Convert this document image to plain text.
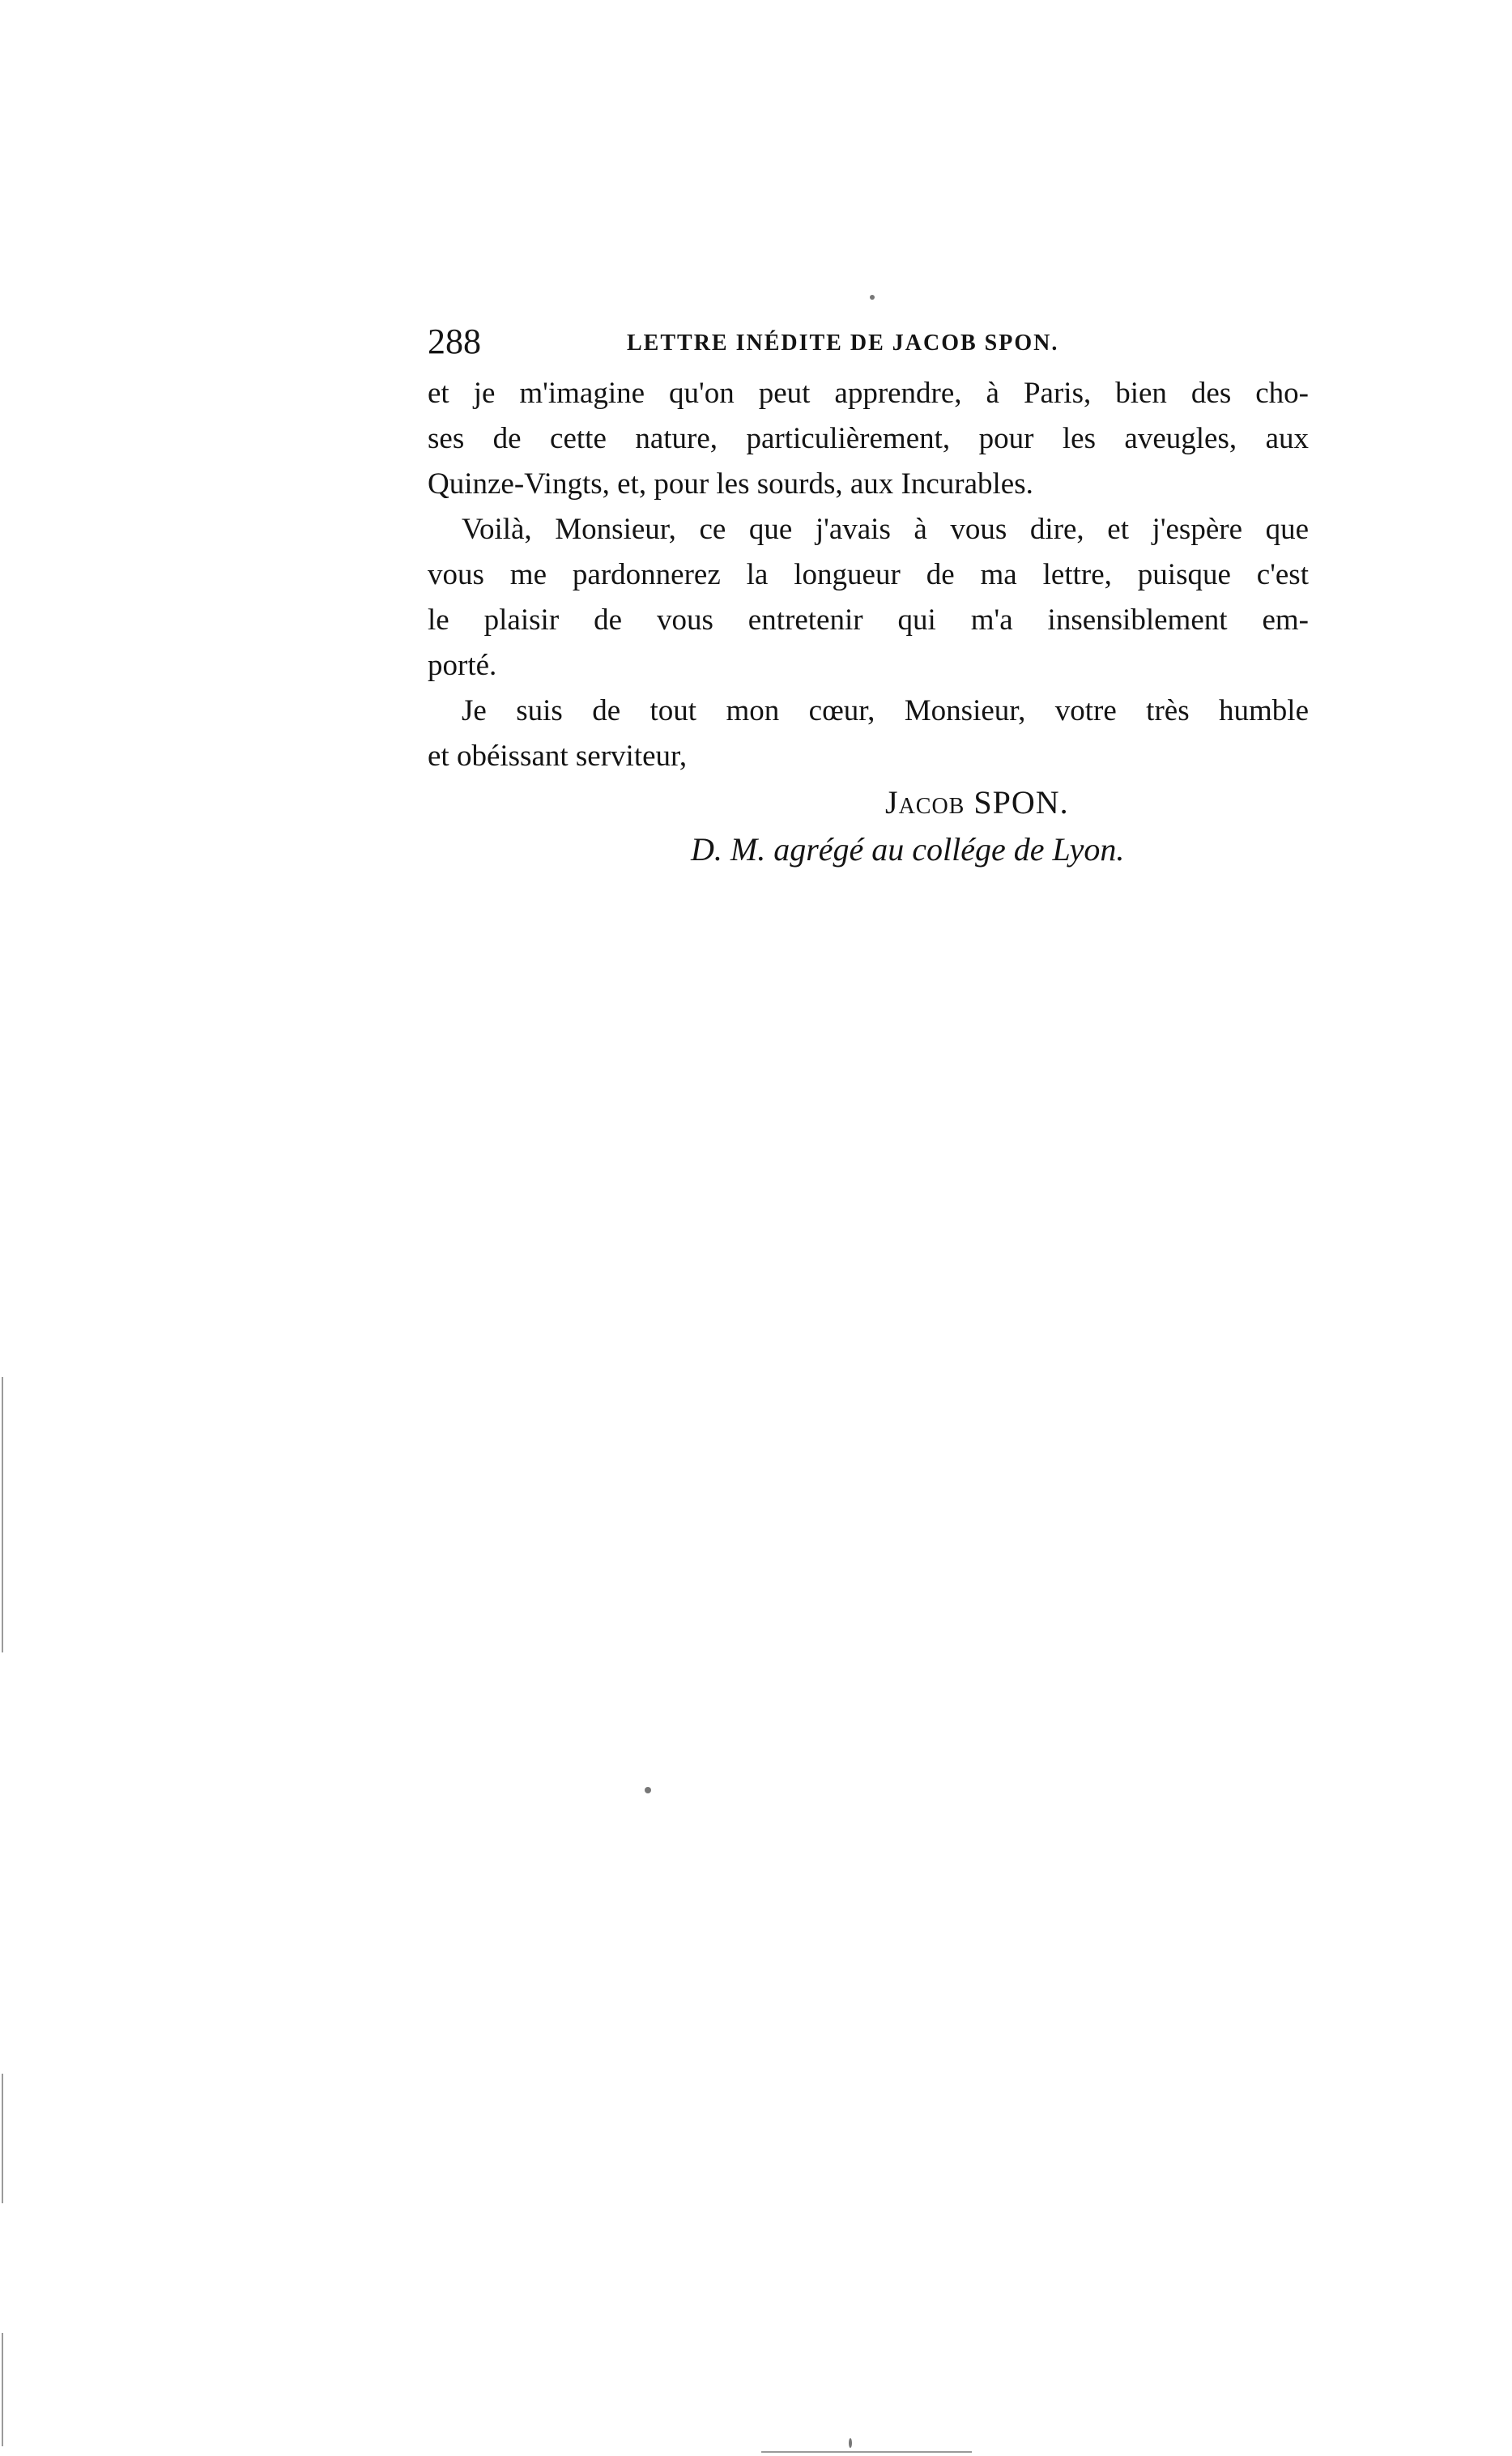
288	LETTRE INÉDITE DE JACOB SPON.
et je m'imagine qu'on peut apprendre, à Paris, bien des cho-
ses de cette nature, particulièrement, pour les aveugles, aux
Quinze-Vingts, et, pour les sourds, aux Incurables.
Voilà, Monsieur, ce que j'avais à vous dire, et j'espère que
vous me pardonnerez la longueur de ma lettre, puisque c'est
le plaisir de vous entretenir qui m'a insensiblement em-
porté.
Je suis de tout mon cœur, Monsieur, votre très humble
et obéissant serviteur,
Jacob SPON.
D. M. agrégé au collége de Lyon.
